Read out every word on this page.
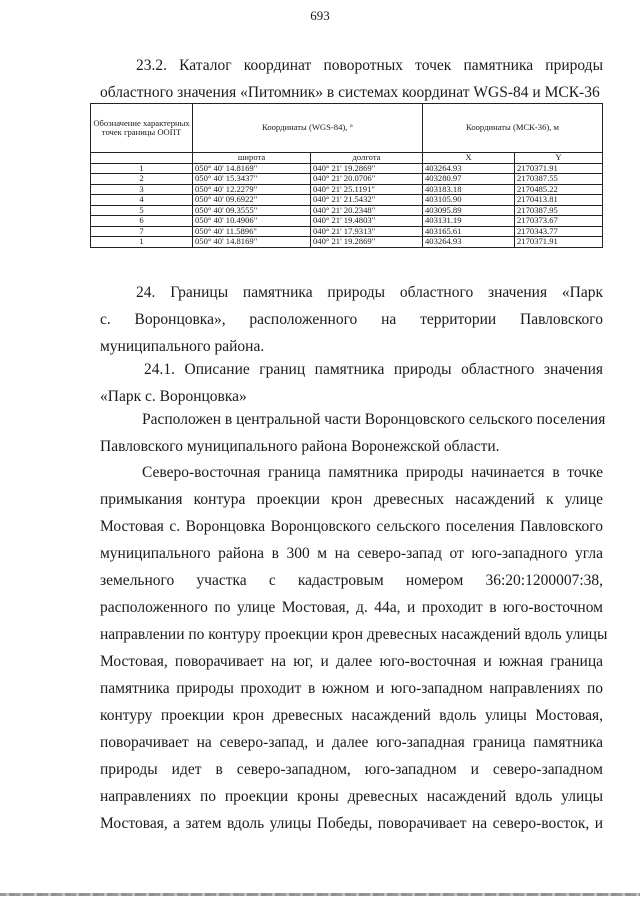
693
23.2. Каталог координат поворотных точек памятника природы
областного значения «Питомник» в системах координат WGS-84 и МСК-36
Обозначение характерных точек границы ООПТ	Координаты (WGS-84), °		Координаты (МСК-36), м	
	широта	долгота	X	Y
1	050° 40' 14.8169"	040° 21' 19.2869"	403264.93	2170371.91
2	050° 40' 15.3437"	040° 21' 20.0706"	403280.97	2170387.55
3	050° 40' 12.2279"	040° 21' 25.1191"	403183.18	2170485.22
4	050° 40' 09.6922"	040° 21' 21.5432"	403105.90	2170413.81
5	050° 40' 09.3555"	040° 21' 20.2348"	403095.89	2170387.95
6	050° 40' 10.4906"	040° 21' 19.4803"	403131.19	2170373.67
7	050° 40' 11.5896"	040° 21' 17.9313"	403165.61	2170343.77
1	050° 40' 14.8169"	040° 21' 19.2869"	403264.93	2170371.91
24. Границы памятника природы областного значения «Парк
с. Воронцовка», расположенного на территории Павловского
муниципального района.
24.1. Описание границ памятника природы областного значения
«Парк с. Воронцовка»
Расположен в центральной части Воронцовского сельского поселения
Павловского муниципального района Воронежской области.
Северо-восточная граница памятника природы начинается в точке
примыкания контура проекции крон древесных насаждений к улице
Мостовая с. Воронцовка Воронцовского сельского поселения Павловского
муниципального района в 300 м на северо-запад от юго-западного угла
земельного участка с кадастровым номером 36:20:1200007:38,
расположенного по улице Мостовая, д. 44а, и проходит в юго-восточном
направлении по контуру проекции крон древесных насаждений вдоль улицы
Мостовая, поворачивает на юг, и далее юго-восточная и южная граница
памятника природы проходит в южном и юго-западном направлениях по
контуру проекции крон древесных насаждений вдоль улицы Мостовая,
поворачивает на северо-запад, и далее юго-западная граница памятника
природы идет в северо-западном, юго-западном и северо-западном
направлениях по проекции кроны древесных насаждений вдоль улицы
Мостовая, а затем вдоль улицы Победы, поворачивает на северо-восток, и
